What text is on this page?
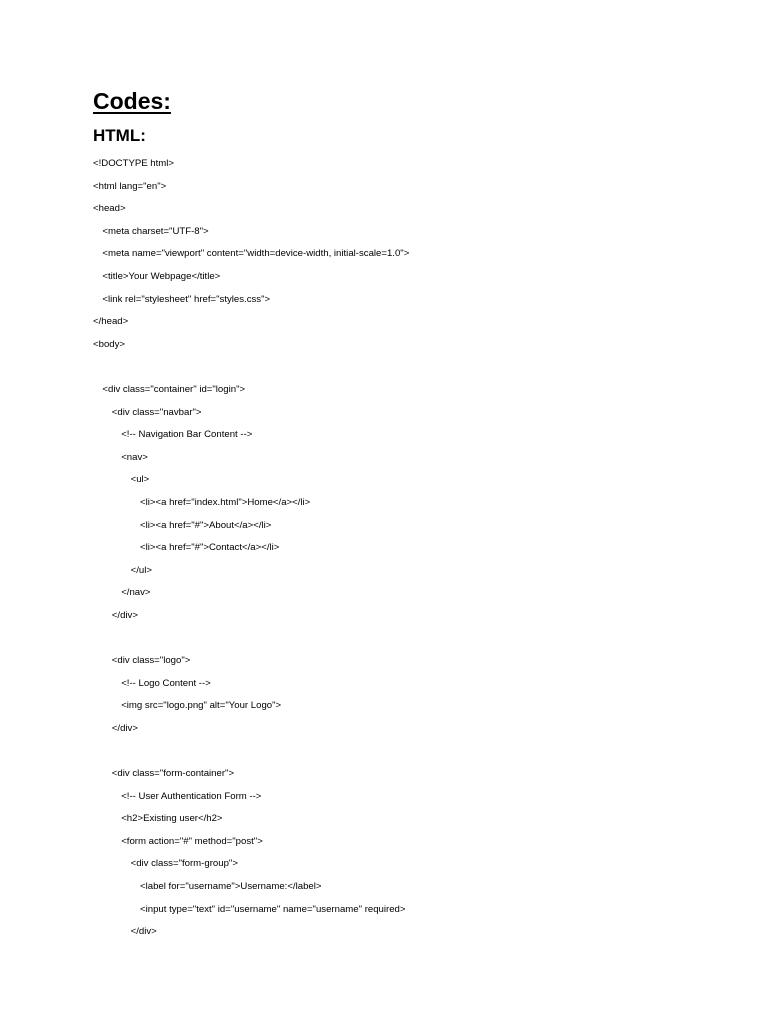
Codes:
HTML:
<!DOCTYPE html>
<html lang="en">
<head>
<meta charset="UTF-8">
<meta name="viewport" content="width=device-width, initial-scale=1.0">
<title>Your Webpage</title>
<link rel="stylesheet" href="styles.css">
</head>
<body>
<div class="container" id="login">
<div class="navbar">
<!-- Navigation Bar Content -->
<nav>
<ul>
<li><a href="index.html">Home</a></li>
<li><a href="#">About</a></li>
<li><a href="#">Contact</a></li>
</ul>
</nav>
</div>
<div class="logo">
<!-- Logo Content -->
<img src="logo.png" alt="Your Logo">
</div>
<div class="form-container">
<!-- User Authentication Form -->
<h2>Existing user</h2>
<form action="#" method="post">
<div class="form-group">
<label for="username">Username:</label>
<input type="text" id="username" name="username" required>
</div>
